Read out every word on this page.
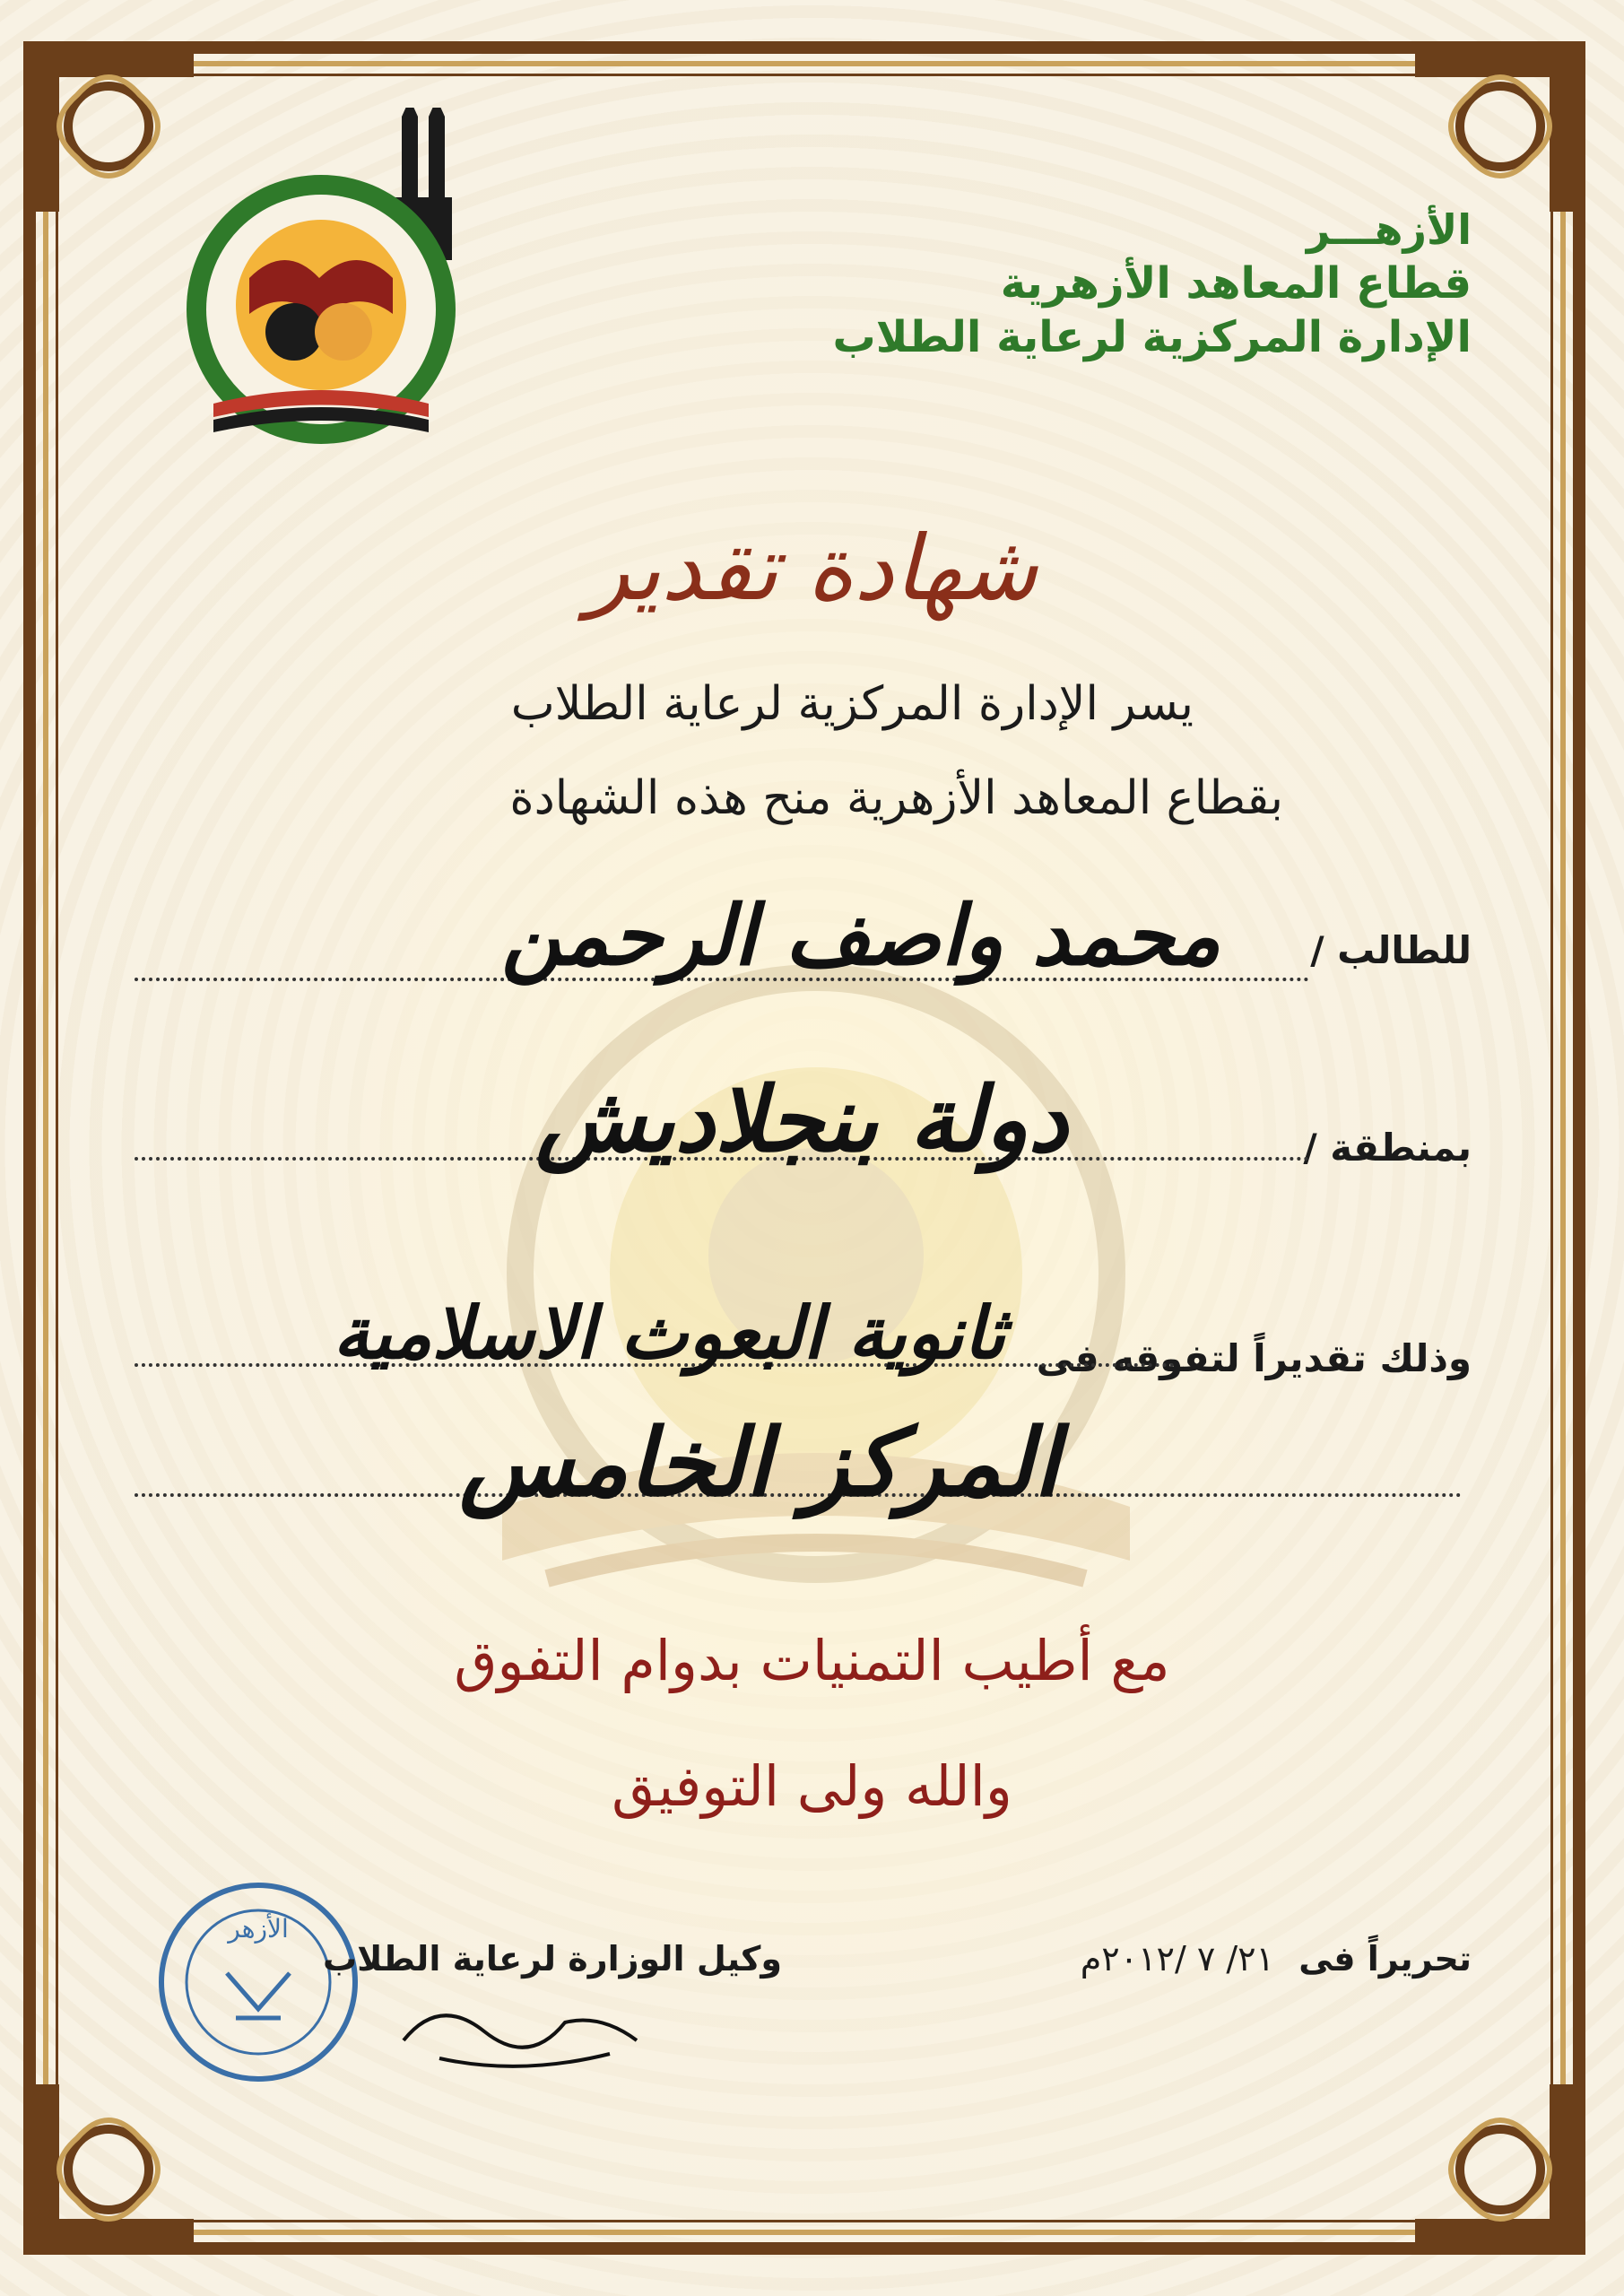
الأزهـــر
قطاع المعاهد الأزهرية
الإدارة المركزية لرعاية الطلاب
شهادة تقدير
يسر الإدارة المركزية لرعاية الطلاب
بقطاع المعاهد الأزهرية منح هذه الشهادة
للطالب /
محمد واصف الرحمن
بمنطقة /
دولة بنجلاديش
وذلك تقديراً لتفوقه فى
ثانوية البعوث الاسلامية
المركز الخامس
مع أطيب التمنيات بدوام التفوق
والله ولى التوفيق
الأزهر
وكيل الوزارة لرعاية الطلاب	تحريراً فى ٢١/ ٧ /٢٠١٢م
